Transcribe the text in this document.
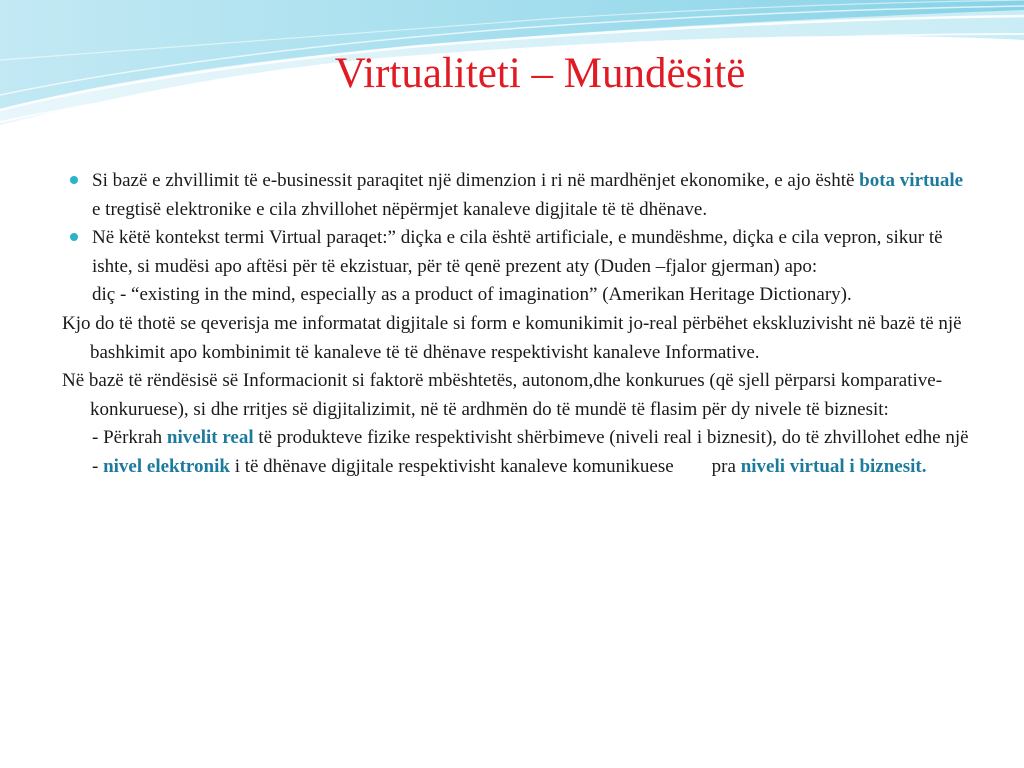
Virtualiteti – Mundësitë
Si bazë e zhvillimit të e-businessit paraqitet një dimenzion i ri në mardhënjet ekonomike, e ajo është bota virtuale e tregtisë elektronike e cila zhvillohet nëpërmjet kanaleve digjitale të të dhënave.
Në këtë kontekst termi Virtual paraqet:” diçka e cila është artificiale, e mundëshme, diçka e cila vepron, sikur të ishte, si mudësi apo aftësi për të ekzistuar, për të qenë prezent aty (Duden –fjalor gjerman) apo:
diç - “existing in the mind, especially as a product of imagination” (Amerikan Heritage Dictionary).
Kjo do të thotë se qeverisja me informatat digjitale si form e komunikimit jo-real përbëhet ekskluzivisht në bazë të një bashkimit apo kombinimit të kanaleve të të dhënave respektivisht kanaleve Informative.
Në bazë të rëndësisë së Informacionit si faktorë mbështetës, autonom,dhe konkurues (që sjell përparsi komparative-konkuruese), si dhe rritjes së digjitalizimit, në të ardhmën do të mundë të flasim për dy nivele të biznesit:
- Përkrah nivelit real të produkteve fizike respektivisht shërbimeve (niveli real i biznesit), do të zhvillohet edhe një
- nivel elektronik i të dhënave digjitale respektivisht kanaleve komunikuese        pra niveli virtual i biznesit.
